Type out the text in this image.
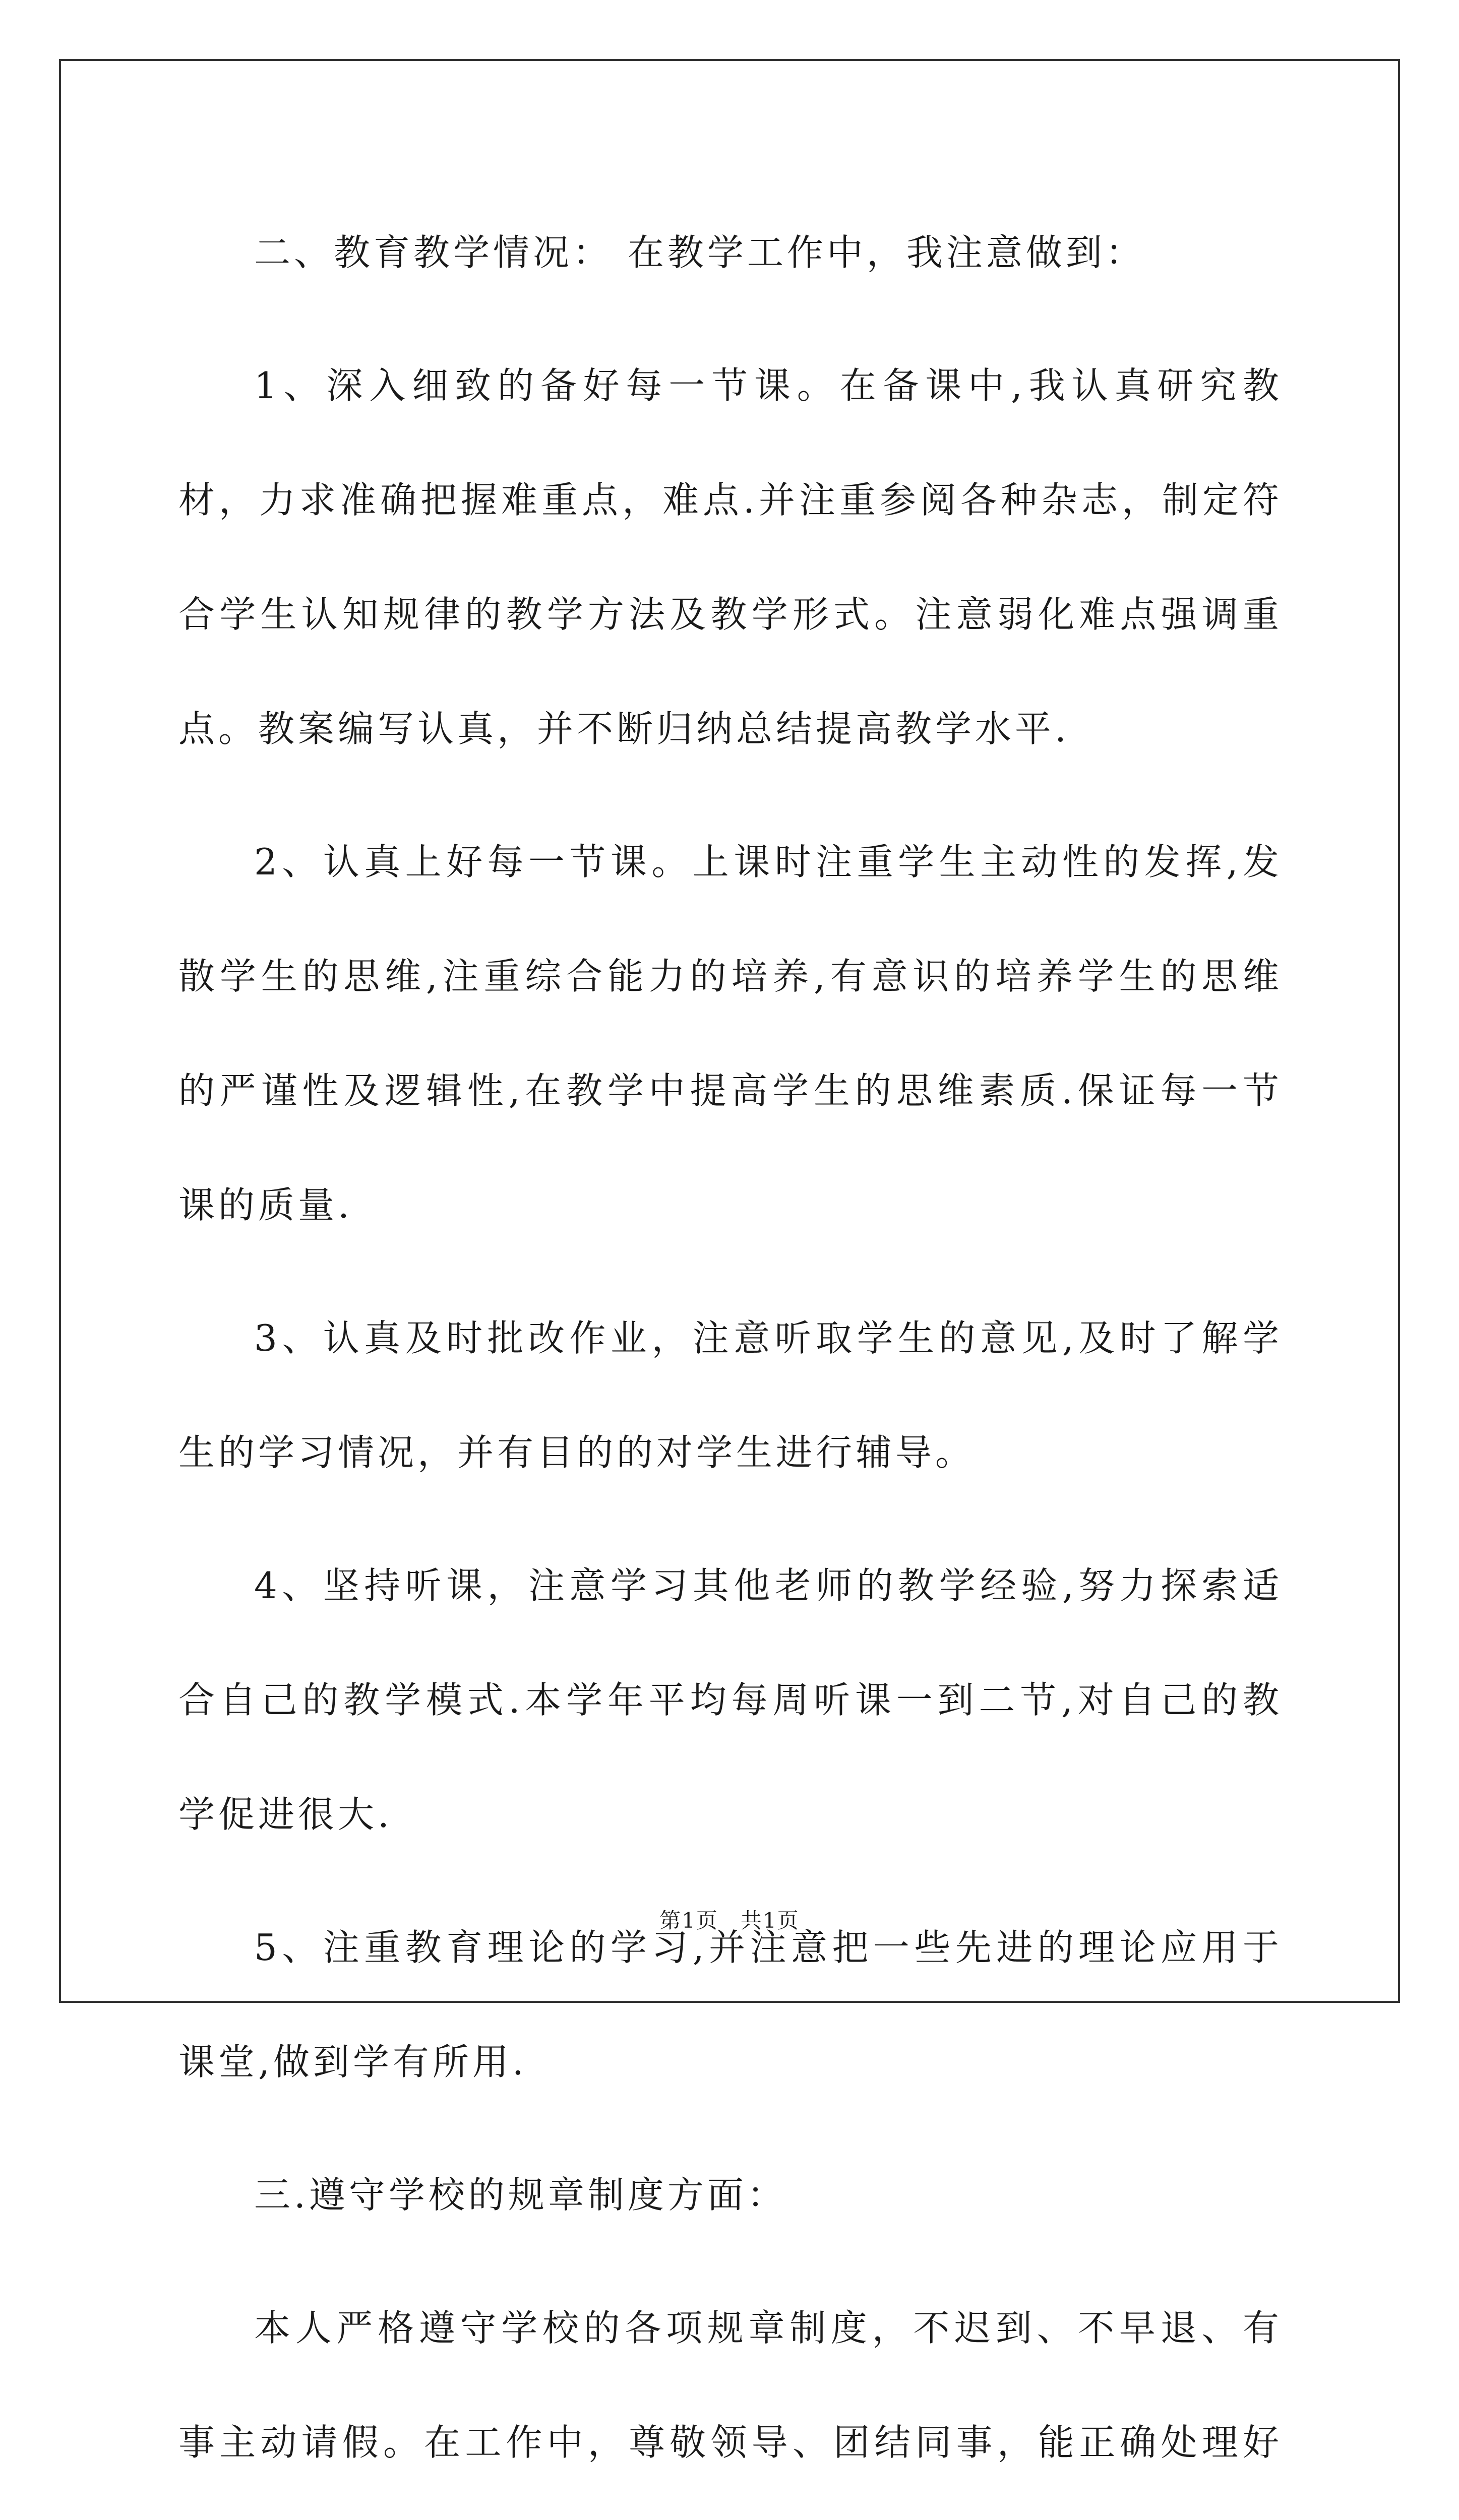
二、教育教学情况： 在教学工作中，我注意做到：

1、深入细致的备好每一节课。在备课中,我认真研究教材，力求准确把握难重点，难点.并注重参阅各种杂志，制定符合学生认知规律的教学方法及教学形式。注意弱化难点强调重点。教案编写认真，并不断归纳总结提高教学水平.

2、认真上好每一节课。上课时注重学生主动性的发挥,发散学生的思维,注重综合能力的培养,有意识的培养学生的思维的严谨性及逻辑性,在教学中提高学生的思维素质.保证每一节课的质量.

3、认真及时批改作业，注意听取学生的意见,及时了解学生的学习情况，并有目的的对学生进行辅导。

4、坚持听课，注意学习其他老师的教学经验,努力探索适合自己的教学模式.本学年平均每周听课一到二节,对自己的教学促进很大.

5、注重教育理论的学习,并注意把一些先进的理论应用于课堂,做到学有所用.

三.遵守学校的规章制度方面：

本人严格遵守学校的各项规章制度，不迟到、不早退、有事主动请假。在工作中，尊敬领导、团结同事，能正确处理好

第1页　共1页
